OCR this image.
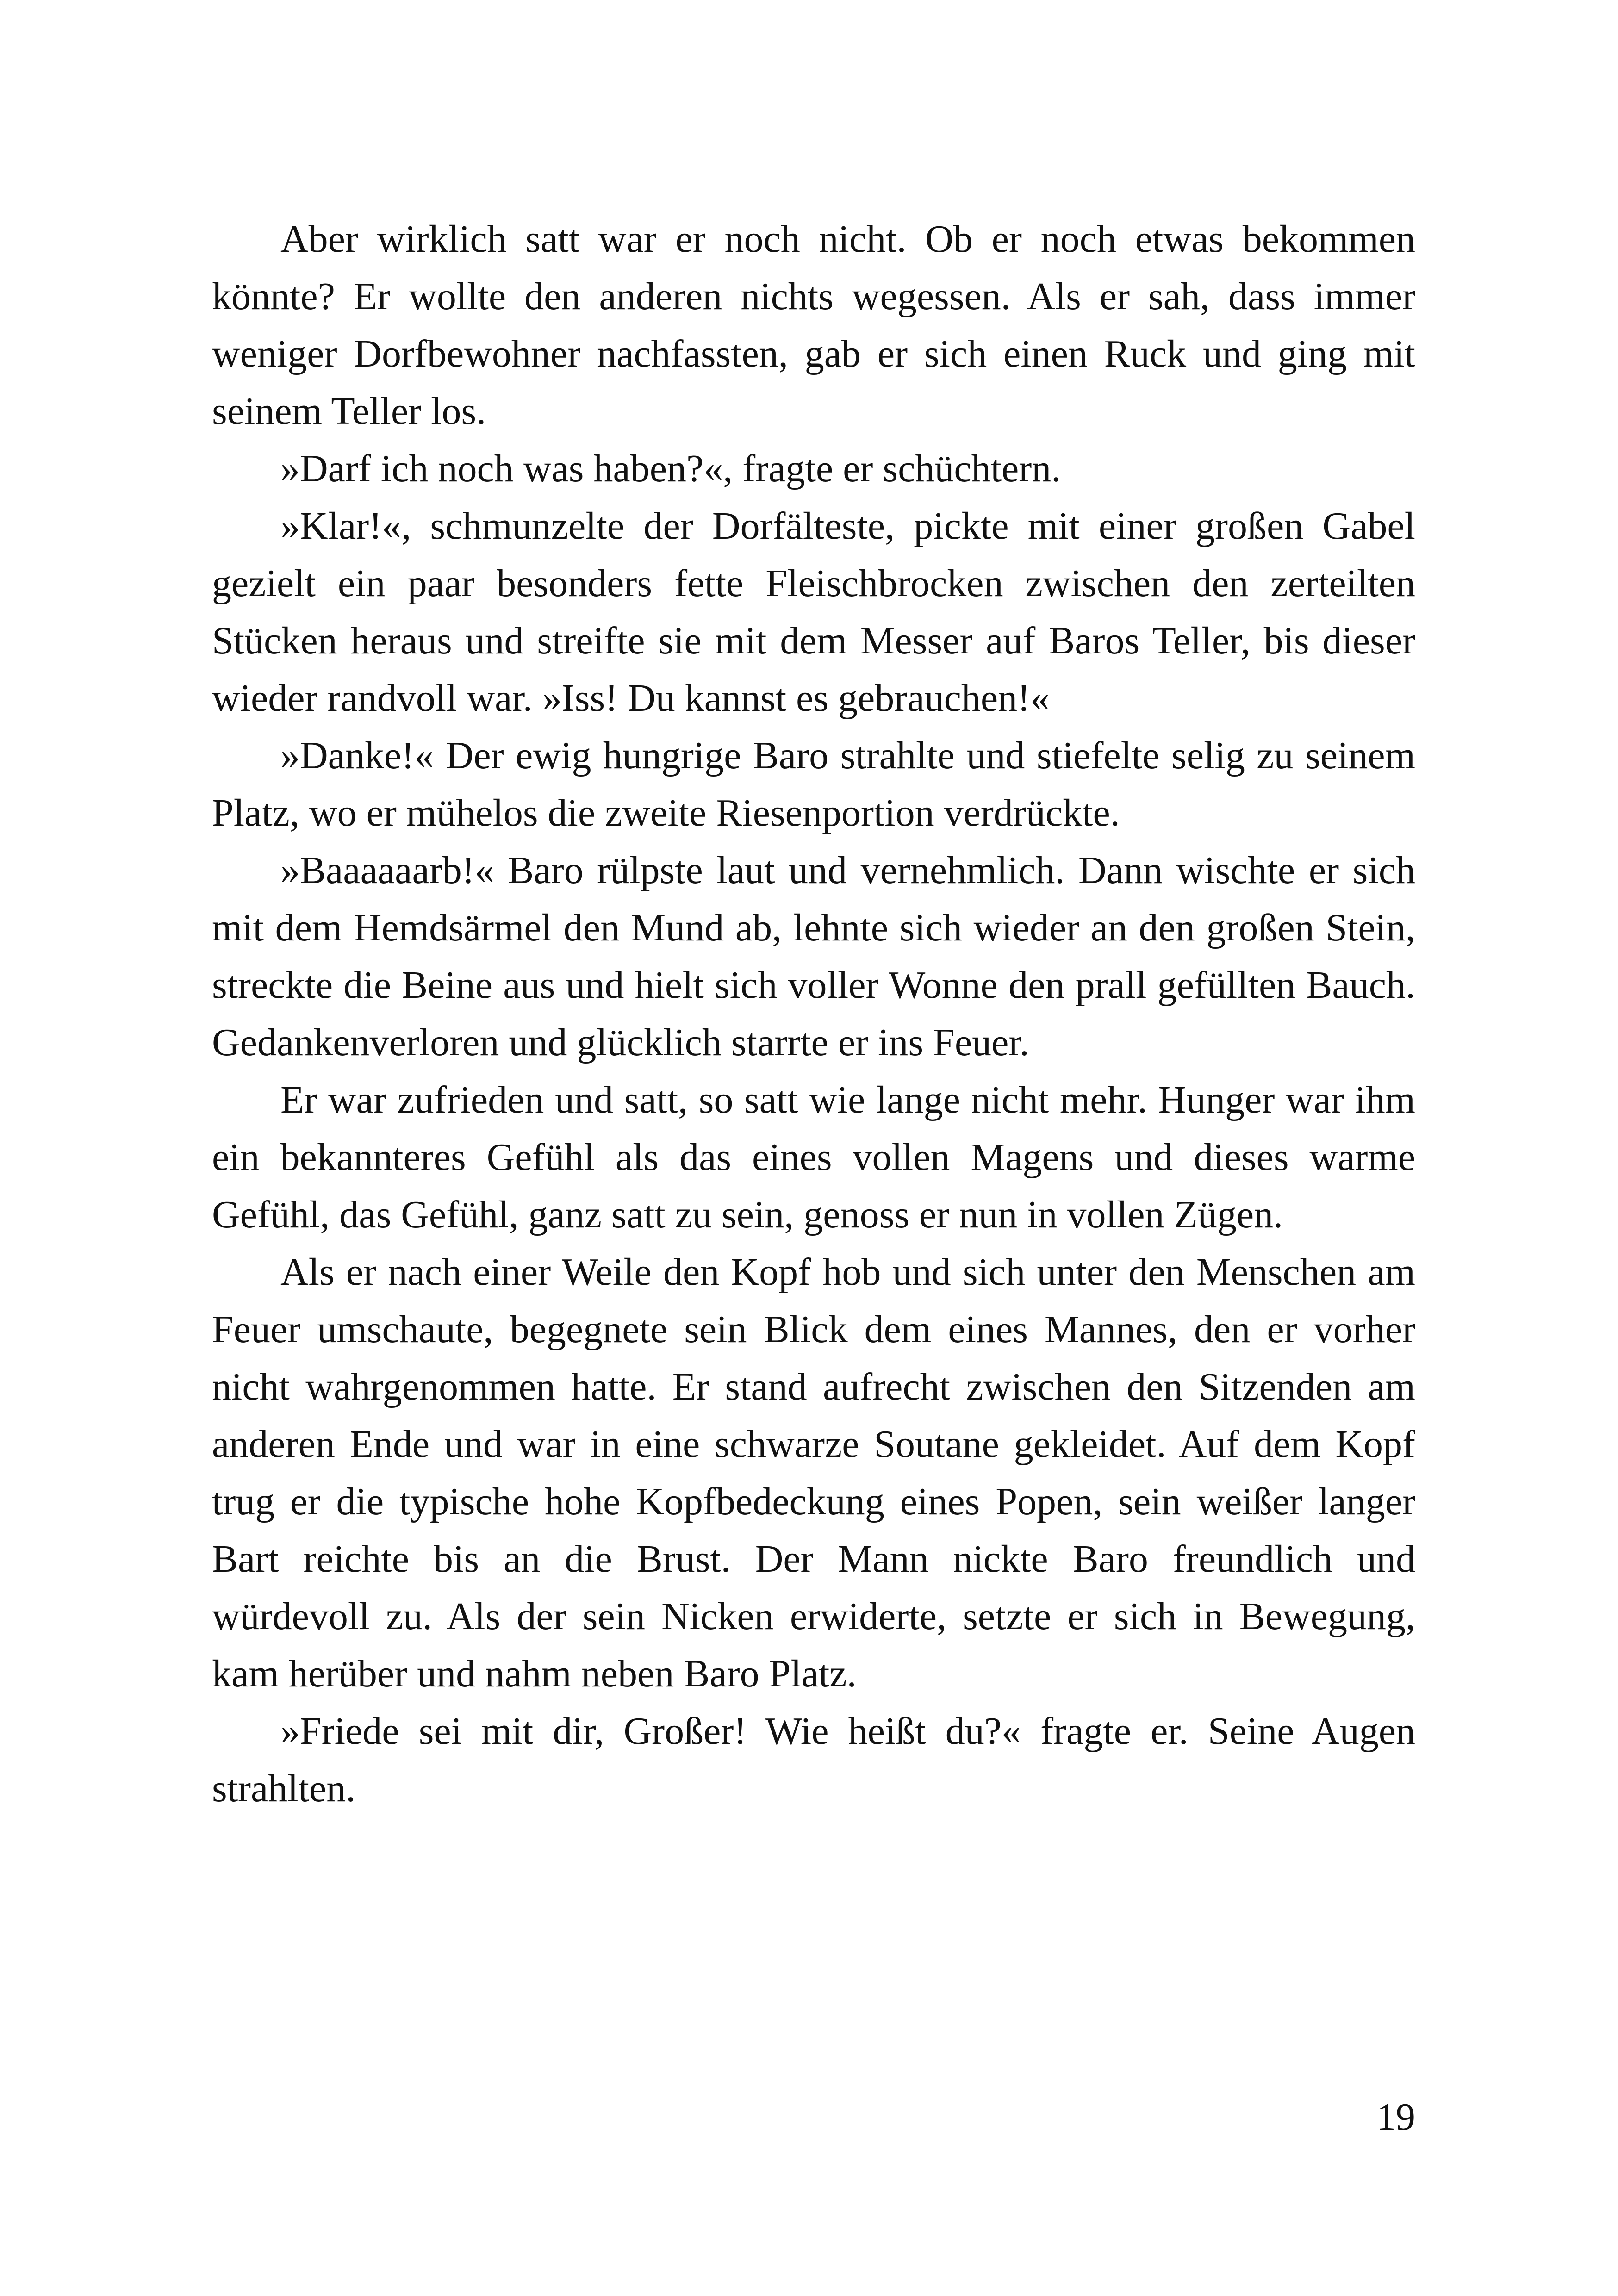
Aber wirklich satt war er noch nicht. Ob er noch etwas bekommen könnte? Er wollte den anderen nichts wegessen. Als er sah, dass immer weniger Dorfbewohner nachfassten, gab er sich einen Ruck und ging mit seinem Teller los.

»Darf ich noch was haben?«, fragte er schüchtern.

»Klar!«, schmunzelte der Dorfälteste, pickte mit einer großen Gabel gezielt ein paar besonders fette Fleischbrocken zwischen den zerteilten Stücken heraus und streifte sie mit dem Messer auf Baros Teller, bis dieser wieder randvoll war. »Iss! Du kannst es gebrauchen!«

»Danke!« Der ewig hungrige Baro strahlte und stiefelte selig zu seinem Platz, wo er mühelos die zweite Riesenportion verdrückte.

»Baaaaaarb!« Baro rülpste laut und vernehmlich. Dann wischte er sich mit dem Hemdsärmel den Mund ab, lehnte sich wieder an den großen Stein, streckte die Beine aus und hielt sich voller Wonne den prall gefüllten Bauch. Gedankenverloren und glücklich starrte er ins Feuer.

Er war zufrieden und satt, so satt wie lange nicht mehr. Hunger war ihm ein bekannteres Gefühl als das eines vollen Magens und dieses warme Gefühl, das Gefühl, ganz satt zu sein, genoss er nun in vollen Zügen.

Als er nach einer Weile den Kopf hob und sich unter den Menschen am Feuer umschaute, begegnete sein Blick dem eines Mannes, den er vorher nicht wahrgenommen hatte. Er stand aufrecht zwischen den Sitzenden am anderen Ende und war in eine schwarze Soutane gekleidet. Auf dem Kopf trug er die typische hohe Kopfbedeckung eines Popen, sein weißer langer Bart reichte bis an die Brust. Der Mann nickte Baro freundlich und würdevoll zu. Als der sein Nicken erwiderte, setzte er sich in Bewegung, kam herüber und nahm neben Baro Platz.

»Friede sei mit dir, Großer! Wie heißt du?« fragte er. Seine Augen strahlten.

19
